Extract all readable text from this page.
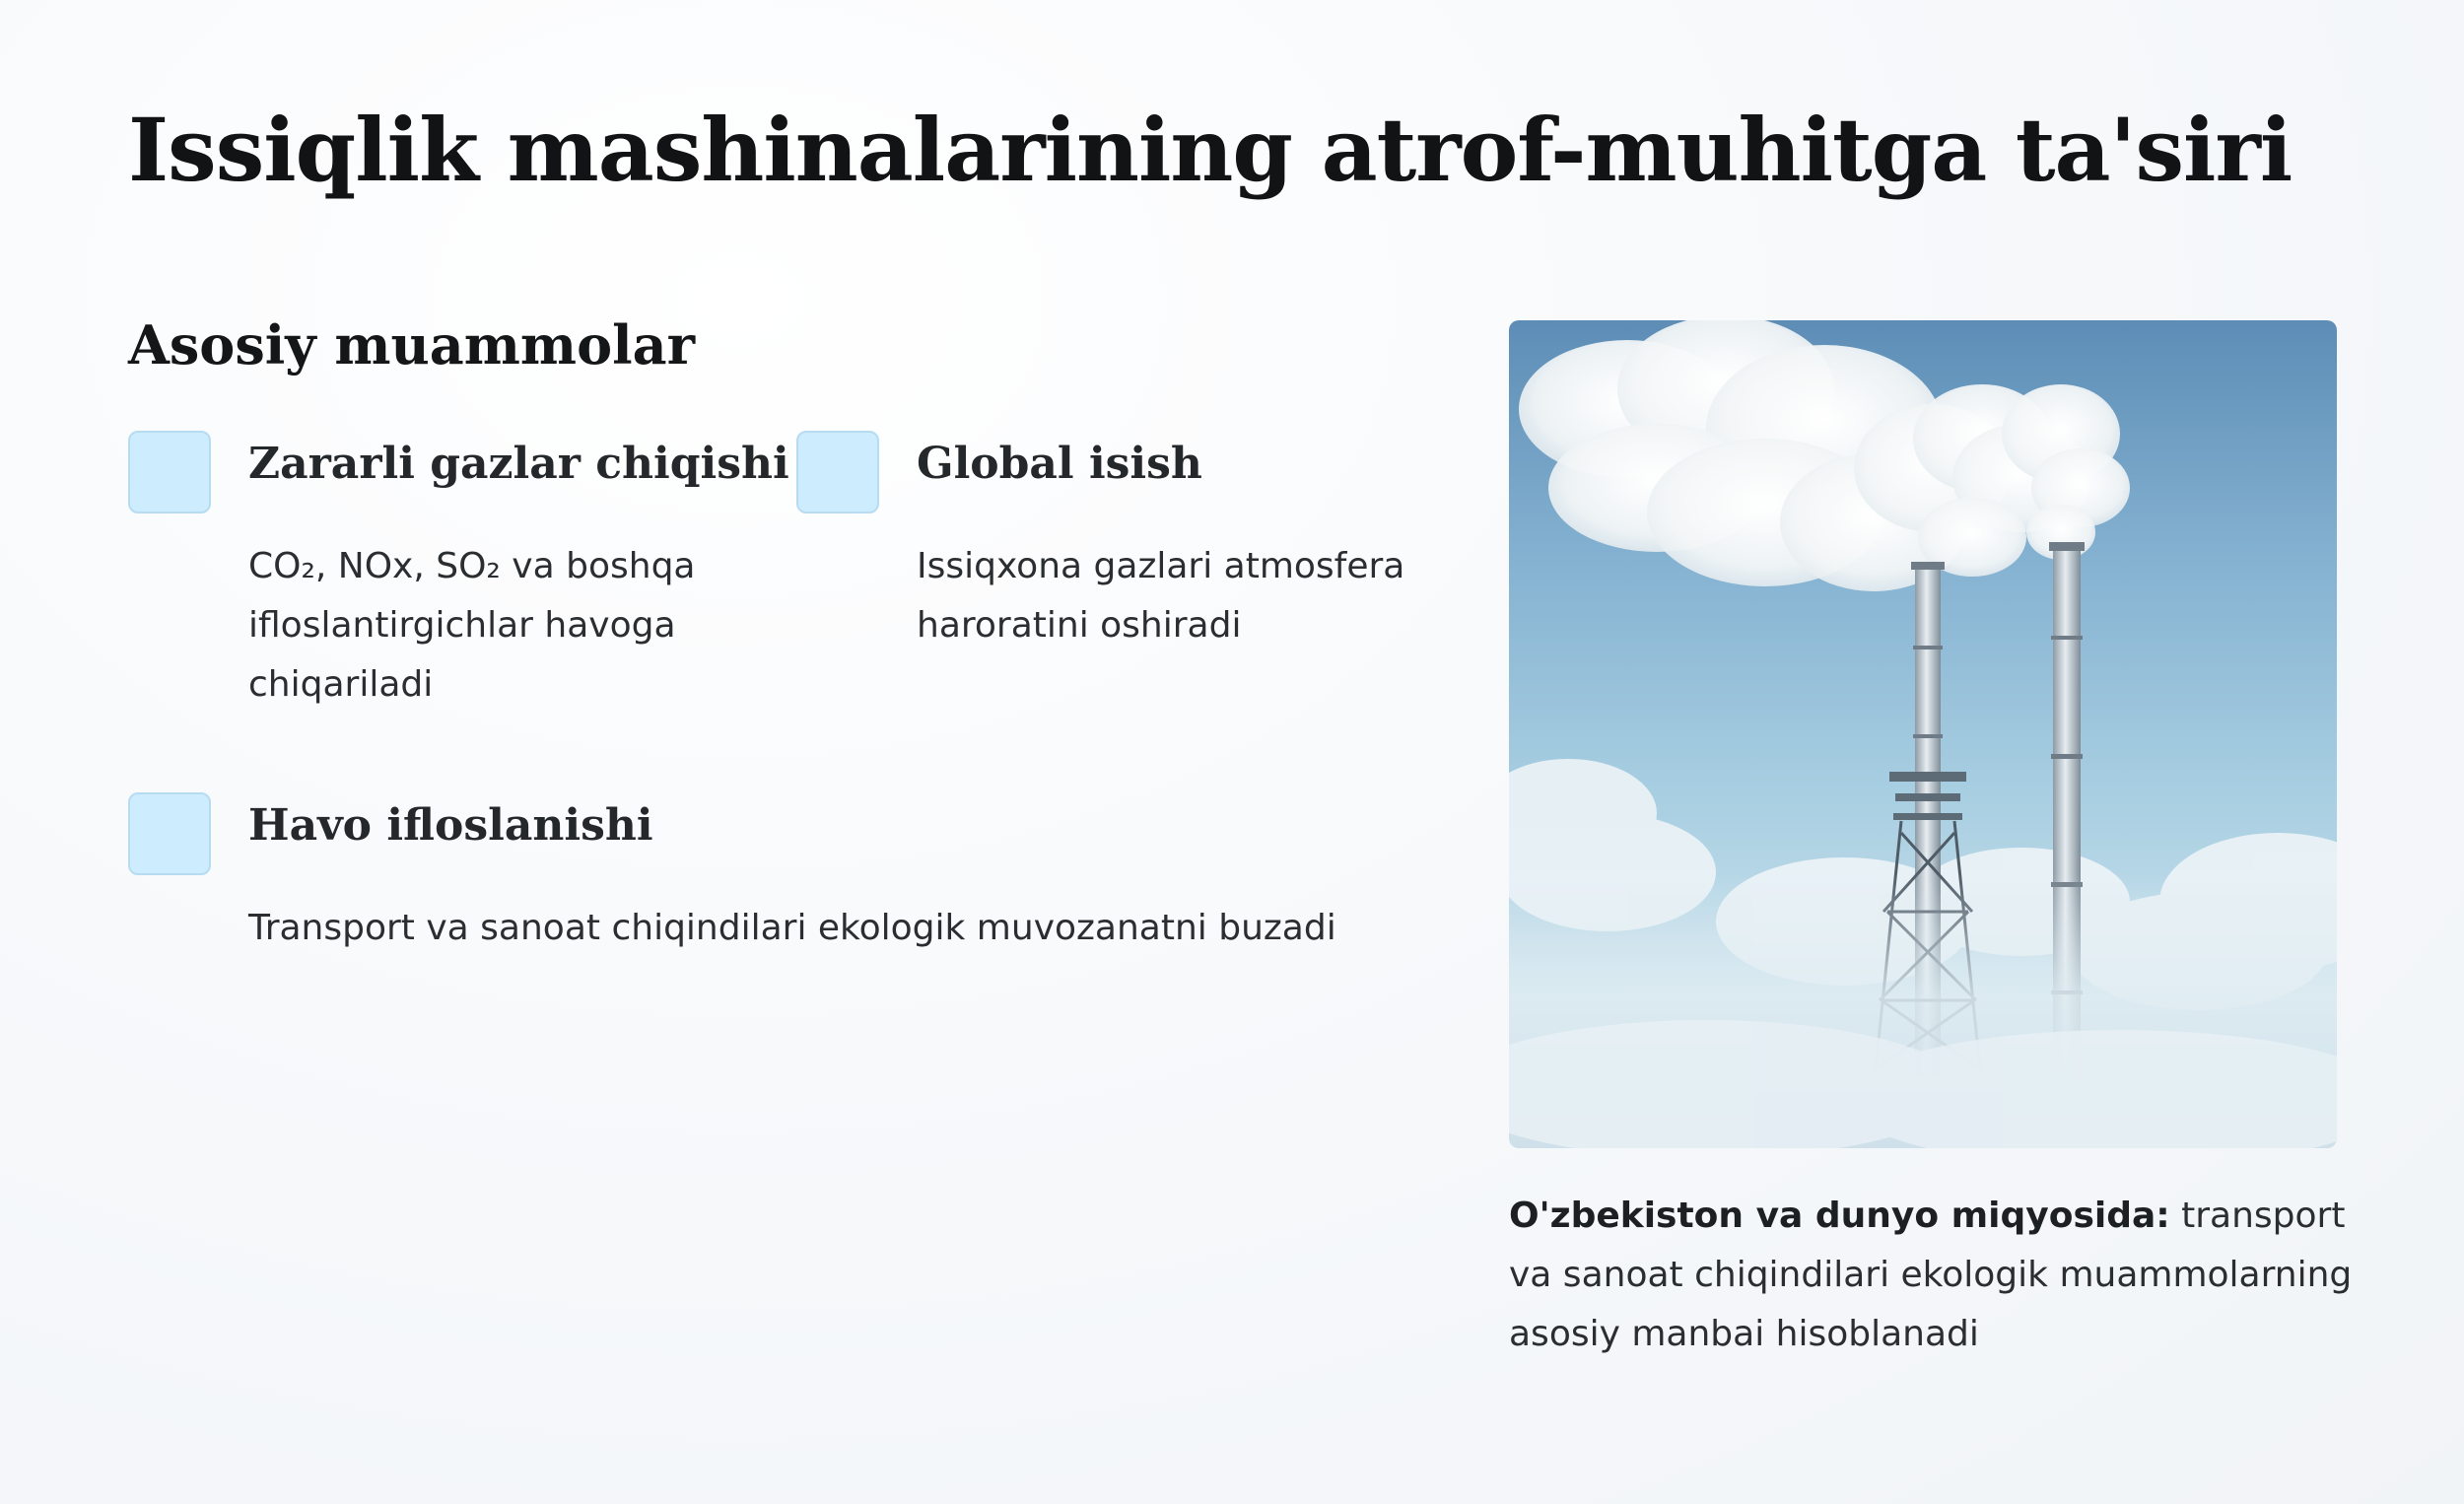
Issiqlik mashinalarining atrof-muhitga ta'siri
Asosiy muammolar
Zararli gazlar chiqishi

CO₂, NOx, SO₂ va boshqa ifloslantirgichlar havoga chiqariladi

Global isish

Issiqxona gazlari atmosfera haroratini oshiradi

Havo ifloslanishi

Transport va sanoat chiqindilari ekologik muvozanatni buzadi

O'zbekiston va dunyo miqyosida: transport va sanoat chiqindilari ekologik muammolarning asosiy manbai hisoblanadi
